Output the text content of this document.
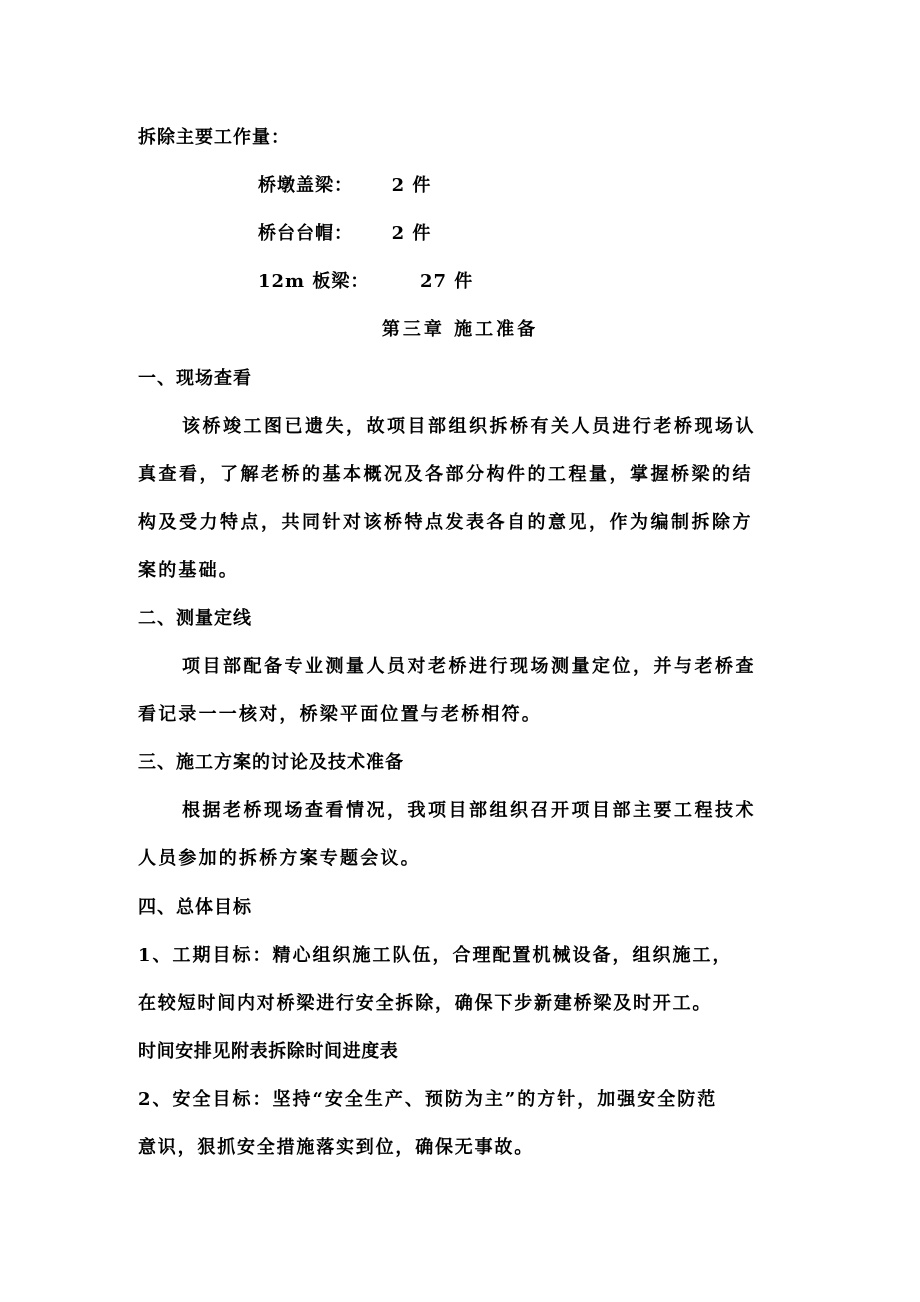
拆除主要工作量：
桥墩盖梁： 2 件
桥台台帽： 2 件
12m 板梁：	27 件
第三章 施工准备
一、现场查看
该桥竣工图已遗失，故项目部组织拆桥有关人员进行老桥现场认
真查看，了解老桥的基本概况及各部分构件的工程量，掌握桥梁的结
构及受力特点，共同针对该桥特点发表各自的意见，作为编制拆除方
案的基础。
二、测量定线
项目部配备专业测量人员对老桥进行现场测量定位，并与老桥查
看记录一一核对，桥梁平面位置与老桥相符。
三、施工方案的讨论及技术准备
根据老桥现场查看情况，我项目部组织召开项目部主要工程技术
人员参加的拆桥方案专题会议。
四、总体目标
1、工期目标：精心组织施工队伍，合理配置机械设备，组织施工，
在较短时间内对桥梁进行安全拆除，确保下步新建桥梁及时开工。
时间安排见附表拆除时间进度表
2、安全目标：坚持“安全生产、预防为主”的方针，加强安全防范
意识，狠抓安全措施落实到位，确保无事故。
